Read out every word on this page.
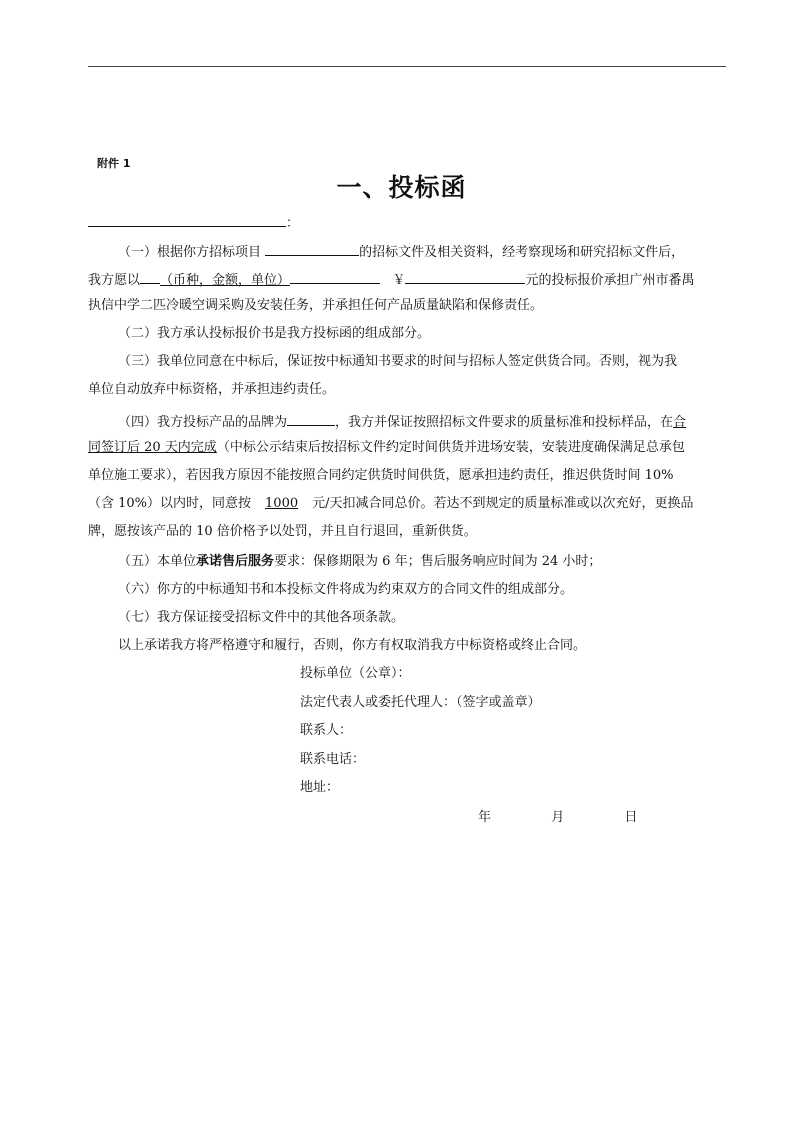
附件 1
一、投标函
：
（一）根据你方招标项目	的招标文件及相关资料，经考察现场和研究招标文件后，
我方愿以 （币种，金额，单位）	￥	元的投标报价承担广州市番禺
执信中学二匹冷暖空调采购及安装任务，并承担任何产品质量缺陷和保修责任。
（二）我方承认投标报价书是我方投标函的组成部分。
（三）我单位同意在中标后，保证按中标通知书要求的时间与招标人签定供货合同。否则，视为我
单位自动放弃中标资格，并承担违约责任。
（四）我方投标产品的品牌为	，我方并保证按照招标文件要求的质量标准和投标样品，在合
同签订后 20 天内完成（中标公示结束后按招标文件约定时间供货并进场安装，安装进度确保满足总承包
单位施工要求），若因我方原因不能按照合同约定供货时间供货，愿承担违约责任，推迟供货时间 10%
（含 10%）以内时，同意按 1000 元/天扣减合同总价。若达不到规定的质量标准或以次充好，更换品
牌，愿按该产品的 10 倍价格予以处罚，并且自行退回，重新供货。
（五）本单位承诺售后服务要求：保修期限为 6 年；售后服务响应时间为 24 小时；
（六）你方的中标通知书和本投标文件将成为约束双方的合同文件的组成部分。
（七）我方保证接受招标文件中的其他各项条款。
以上承诺我方将严格遵守和履行，否则，你方有权取消我方中标资格或终止合同。
投标单位（公章）：
法定代表人或委托代理人：（签字或盖章）
联系人：
联系电话：
地址：
年  月  日
